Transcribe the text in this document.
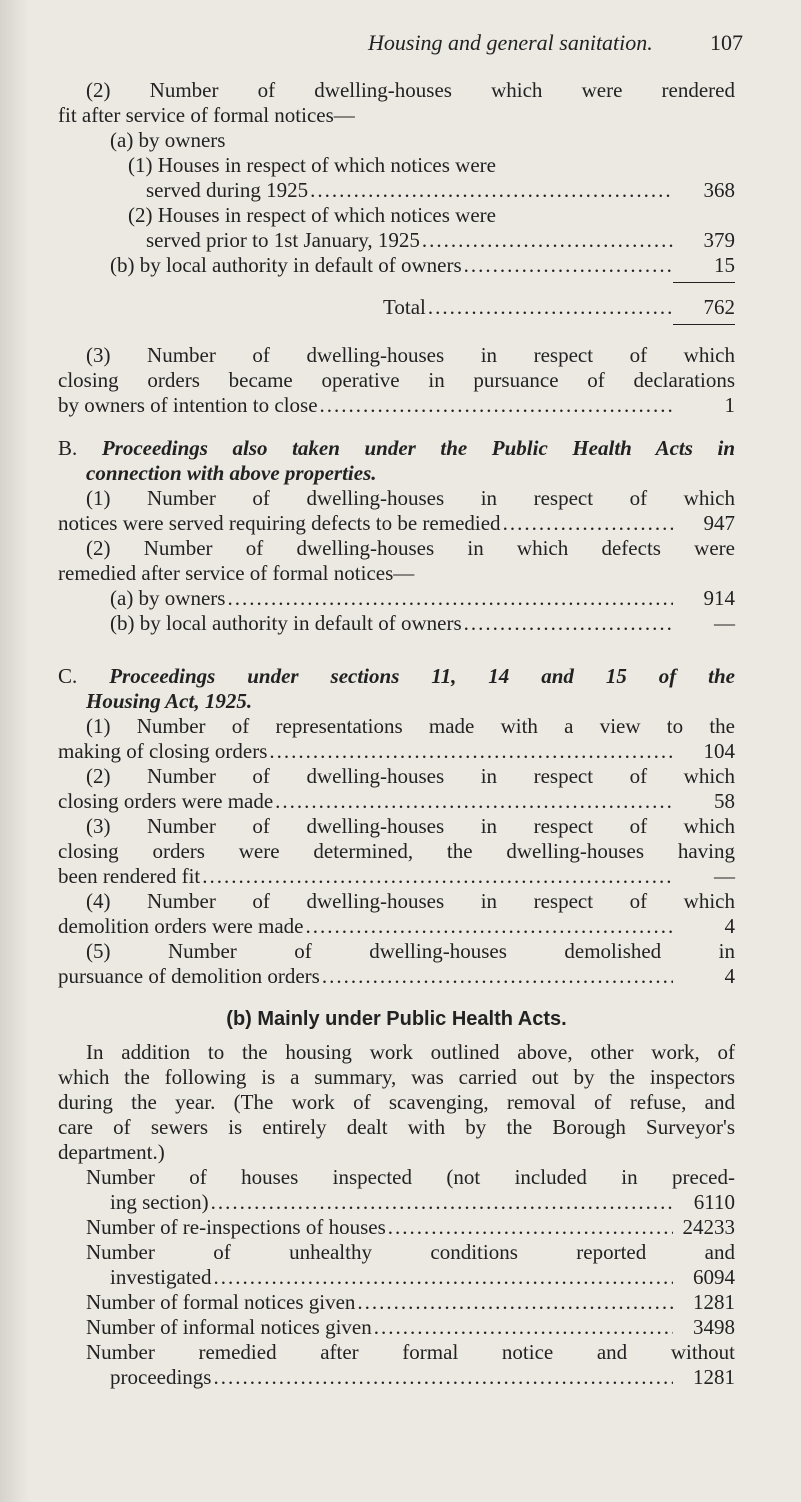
Housing and general sanitation.	107

(2) Number of dwelling-houses which were rendered

fit after service of formal notices—

(a) by owners

(1) Houses in respect of which notices were

served during 1925 .....	368

(2) Houses in respect of which notices were

served prior to 1st January, 1925 .....	379
(b) by local authority in default of owners .....	15
Total .....	762

(3) Number of dwelling-houses in respect of which

closing orders became operative in pursuance of declarations

by owners of intention to close .....	1

B. Proceedings also taken under the Public Health Acts in

connection with above properties.

(1) Number of dwelling-houses in respect of which

notices were served requiring defects to be remedied .....	947

(2) Number of dwelling-houses in which defects were

remedied after service of formal notices—

(a) by owners .....	914
(b) by local authority in default of owners .....	—

C. Proceedings under sections 11, 14 and 15 of the

Housing Act, 1925.

(1) Number of representations made with a view to the

making of closing orders .....	104

(2) Number of dwelling-houses in respect of which

closing orders were made .....	58

(3) Number of dwelling-houses in respect of which

closing orders were determined, the dwelling-houses having

been rendered fit .....	—

(4) Number of dwelling-houses in respect of which

demolition orders were made .....	4

(5) Number of dwelling-houses demolished in

pursuance of demolition orders .....	4
(b) Mainly under Public Health Acts.

In addition to the housing work outlined above, other work, of

which the following is a summary, was carried out by the inspectors

during the year. (The work of scavenging, removal of refuse, and

care of sewers is entirely dealt with by the Borough Surveyor's

department.)

Number of houses inspected (not included in preced-

ing section) .....	6110
Number of re-inspections of houses .....	24233

Number of unhealthy conditions reported and

investigated .....	6094
Number of formal notices given .....	1281
Number of informal notices given .....	3498

Number remedied after formal notice and without

proceedings .....	1281
